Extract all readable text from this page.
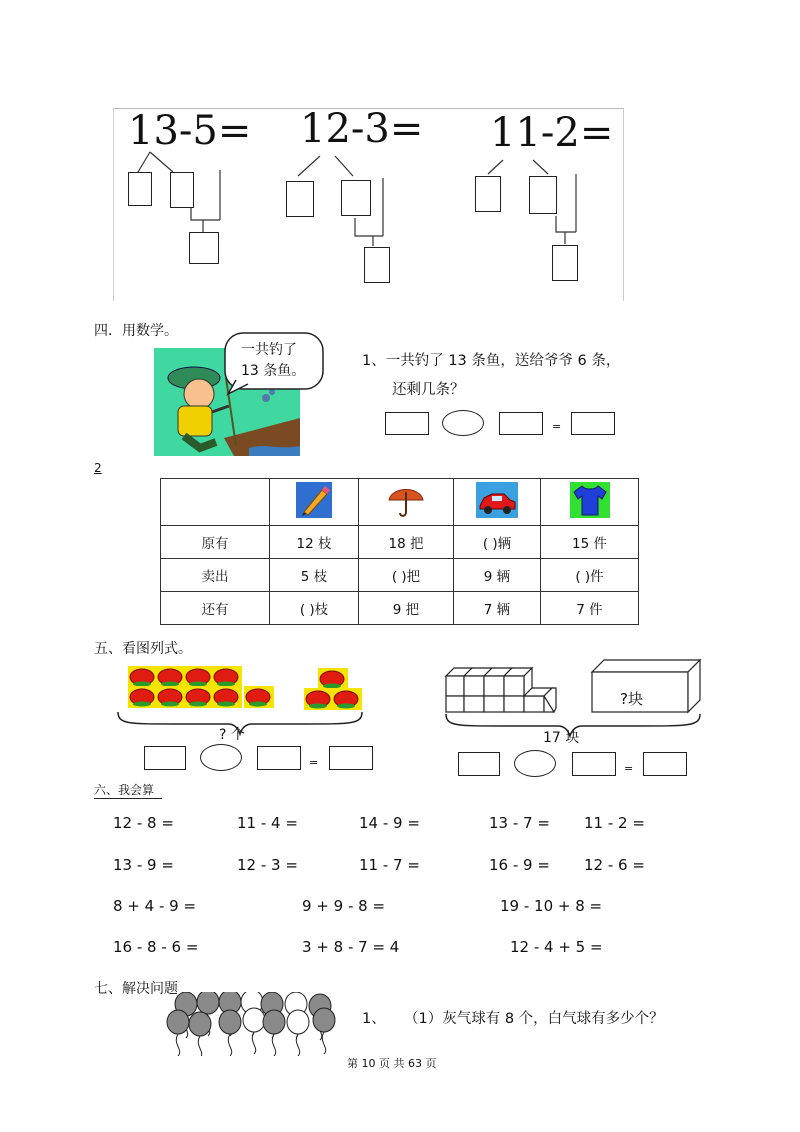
13-5= 12-3= 11-2=
四．用数学。
一共钓了
13 条鱼。
1、一共钓了 13 条鱼，送给爷爷 6 条，
还剩几条？
=
2

原有	12 枝	18 把	( )辆	15 件
卖出	5 枝	( )把	9 辆	( )件
还有	( )枝	9 把	7 辆	7 件
五、看图列式。
? 个
=
?块
17 块
=
六、我会算
12 - 8 =	11 - 4 =	14 - 9 =	13 - 7 = 11 - 2 =
13 - 9 =	12 - 3 =	11 - 7 =	16 - 9 = 12 - 6 =
8 + 4 - 9 =	9 + 9 - 8 =	19 - 10 + 8 =
16 - 8 - 6 =	3 + 8 - 7 = 4	12 - 4 + 5 =
七、解决问题
1、 （1）灰气球有 8 个，白气球有多少个？
第 10 页 共 63 页
